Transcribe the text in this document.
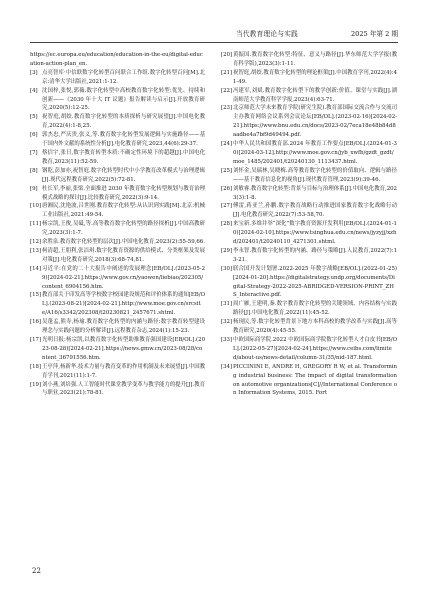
当代教育理论与实践	2025 年第 2 期
https://ec.europa.eu/education/education-in-the-eu/digital-education-action-plan_en.
[3] 点亮智库·中信联数字化转型百问联合工作组.数字化转型百问[M].北京:清华大学出版社,2021:1-12.
[4] 沈国梓,张悦,郭薇.数字化转型中高校教育数字化转型:优先、持续和创新——《2030 年十大 IT 议题》报告解读与启示[J].开放教育研究,2020(5):12-25.
[5] 祝智庭,胡姣.教育数字化转型的本质探析与研究展望[J].中国电化教育,2022(4):1-8,25.
[6] 郭杰忠,严庆贵,张义,等.教育数字化转型发展逻辑与实施路径——基于国内外文献的系统性分析[J].电化教育研究,2023,44(6):29-37.
[7] 蔡信宇,张日,数字教育转型本质:不确定性环境下的超越[J].中国电化教育,2023(11):52-59.
[8] 钢乾,彭加亦,祝智庭.数字化转型时代中小学教育改革模式与治理逻辑[J].现代远程教育研究,2022(5):72-81.
[9] 杜长军,李丽,张梁.全面推进 2030 年教育数字化转型规划与教育治理模式战略的探讨[J].比较教育研究,2022(3):9-14.
[10] 唐湘民,沈艳波,吕世刚.教育数字化转型:从认识到实践[M].北京:机械工业出版社,2021:49-54.
[11] 杨宗凯,王俊,吴砥,等.高等教育数字化转型的路径探析[J].中国高教研究,2023(3):1-7.
[12] 余胜泉.教育数字化转型的层次[J].中国电化教育,2023(2):55-59,66.
[13] 柯清超,王朋利,张洁琪.数字化教育资源的供给模式、分类框架及发展对策[J].电化教育研究,2018(3):68-74,81.
[14] 习近平:在党的二十大报告中阐述的发展理念[EB/OL].(2023-05-29)[2024-02-21].https://www.gov.cn/yaowen/liebiao/202305/content_6904156.htm.
[15] 教育部关于印发高等学校数字校园建设规范和评价体系的通知[EB/OL].(2023-08-21)[2024-02-21].http://www.moe.gov.cn/srcsite/A16/s3342/202308/t20230821_2457671.shtml.
[16] 吴蓬孟,熊寿,杨瑜.教育数字化转型的内涵与路径:数字教育转型建设理念与实践问题的分析解读[J].远程教育杂志,2024(1):15-23.
[17] 光明日报:杨宗凯,以教育数字化转型助推教育强国建设[EB/OL].(2023-08-28)[2024-02-21].https://news.gmw.cn/2023-08/28/content_36791556.htm.
[18] 王亭萍,杨新华.技术力量与教育变革的作用机制及未来展望[J].中国教育学刊,2021(11):1-7.
[19] 刘小燕,刘培强.人工智能时代课堂教学变革与教学能力的提升[J].教育与职业,2023(21):78-81.
[20] 黄振国.教育数字化转型:特征、意义与路径[J].华东师范大学学报(教育科学版),2023(3):1-11.
[21] 祝智庭,胡姣.教育数字化转型的理论框架[J].中国教育学刊,2022(4):41-49.
[22] 冯建军,刘斌.教育数字化转型下的教学创新:价值、课堂与实践[J].湖南师范大学教育科学学报,2023(4):63-71.
[23] 北京师范大学未来教育学院(研究生院).教育部国际交流合作与交流司主办教育网络会议系列会议论坛[EB/OL].(2023-02-16)[2024-02-21].https://www.bnu.edu.cn/docs/2023-02/7eca18e48b84d8aadbe4a7bf9d49494.pdf.
[24] 中华人民共和国教育部.2024 年教育工作要点[EB/OL].(2024-01-30)[2024-03-12].http://www.moe.gov.cn/jyb_xwfb/gzdt_gzdt/moe_1485/202401/t20240130_1113437.html.
[25] 刘怀金,吴瑞林,吴晓梅.高等教育数字化转型的价值取向、逻辑与路径——基于教育信息化的视角[J].现代教育管理,2023(9):39-46.
[26] 刘敏睿.教育数字化转型:背景与目标与治理体系[J].中国电化教育,2023(3):1-8.
[27] 傅雷,蒋亚兰,孙鹏.数字教育战略行动推进国家教育数字化战略行动[J].电化教育研究,2022(7):53-58,70.
[28] 来宝新.多维并举“深化”数字教育资源开发利用[EB/OL].(2024-01-10)[2024-02-10].https://www.tsinghua.edu.cn/news/jyzyjj/xzhd/202401/t20240110_4271301.shtml.
[29] 李永智.教育数字化转型的内涵、路径与策略[J].人民教育,2022(7):13-21.
[30] 联合国开发计划署.2022-2025 年数字战略[EB/OL].(2022-01-25)[2024-01-20].https://digitalstrategy.undp.org/documents/Digital-Strategy-2022-2025-ABRIDGED-VERSION-PRINT_ZHS_Interactive.pdf.
[31] 周广雁,王建明,秦.数字教育数字化转型的关键领域、内容结构与实践路径[J].中国电化教育,2022(11):45-52.
[32] 杨现民,等.数字化转型背景下地方本科高校的教学改革与实践[J].高等教育研究,2020(4):45-55.
[33] 中欧国际商学院.2022 中欧国际商学院数字化转型人才白皮书[EB/OL].(2022-05-27)[2024-02-24].https://www.ceibs.com/limited/about-us/news-detail/column-31/35/nid-187.html.
[34] PICCININI E, ANDRE H, GREGORY R W, et al. Transforming industrial business: The impact of digital transformation on automotive organizations[C]//International Conference on Information Systems, 2015. Fort
22
